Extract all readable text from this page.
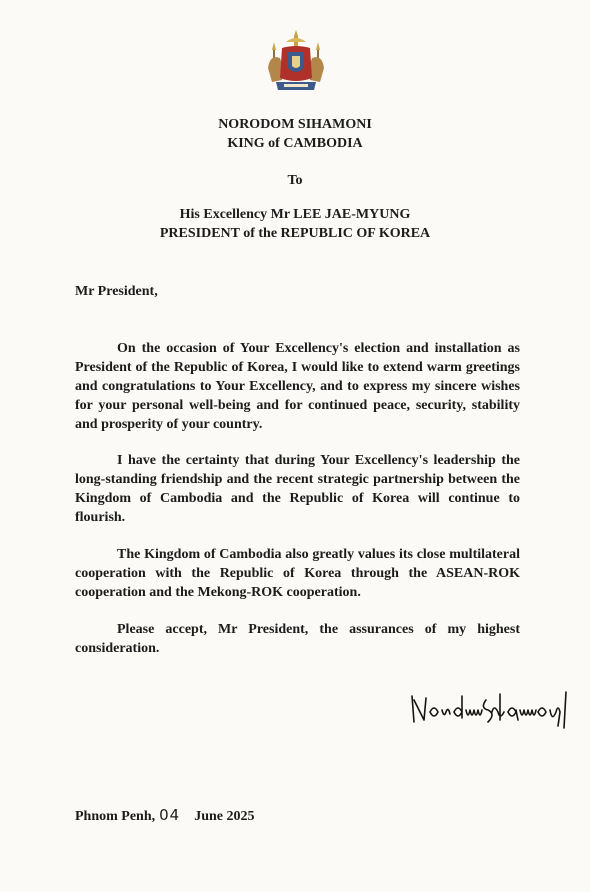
NORODOM SIHAMONI
KING of CAMBODIA
To
His Excellency Mr LEE JAE-MYUNG
PRESIDENT of the REPUBLIC OF KOREA
Mr President,

On the occasion of Your Excellency's election and installation as President of the Republic of Korea, I would like to extend warm greetings and congratulations to Your Excellency, and to express my sincere wishes for your personal well-being and for continued peace, security, stability and prosperity of your country.

I have the certainty that during Your Excellency's leadership the long-standing friendship and the recent strategic partnership between the Kingdom of Cambodia and the Republic of Korea will continue to flourish.

The Kingdom of Cambodia also greatly values its close multilateral cooperation with the Republic of Korea through the ASEAN-ROK cooperation and the Mekong-ROK cooperation.

Please accept, Mr President, the assurances of my highest consideration.

Phnom Penh, 04 June 2025
